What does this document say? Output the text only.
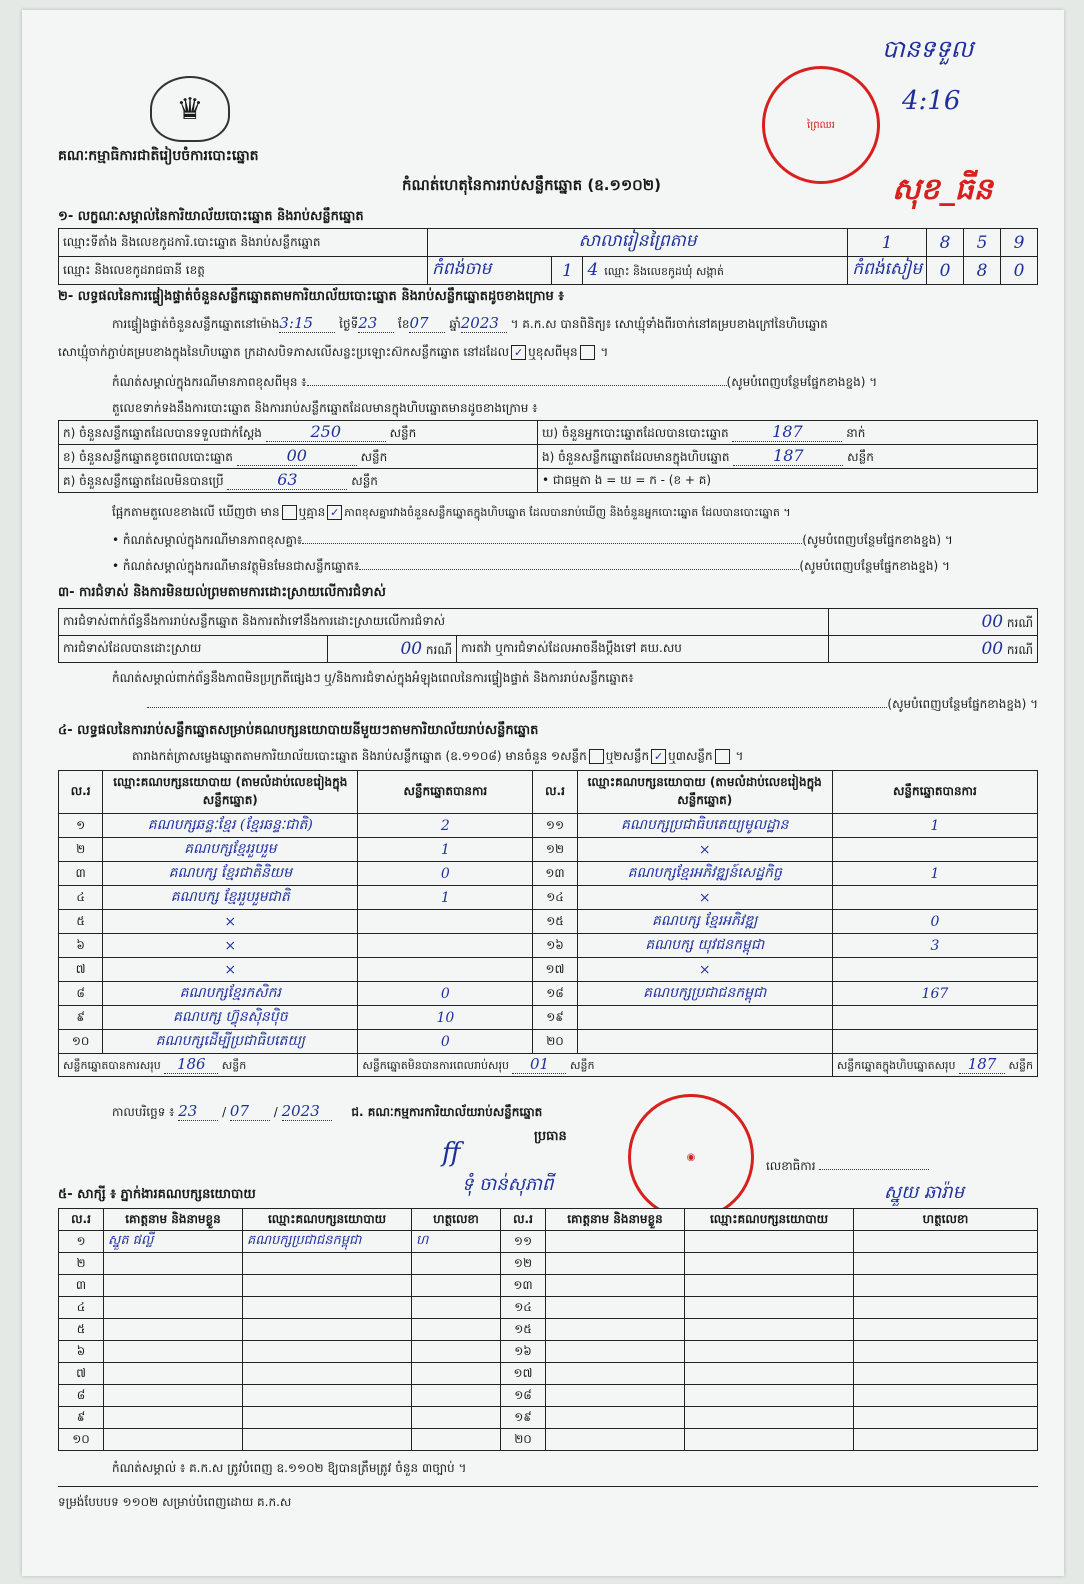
♛
គណៈកម្មាធិការជាតិរៀបចំការបោះឆ្នោត
កំណត់ហេតុនៃការរាប់សន្លឹកឆ្នោត (ឧ.១១០២)
ព្រៃឈរ
បានទទួល
4:16
សុខ_ធីន
១- លក្ខណៈសម្គាល់នៃការិយាល័យបោះឆ្នោត និងរាប់សន្លឹកឆ្នោត
ឈ្មោះទីតាំង និងលេខកូដការិ.បោះឆ្នោត និងរាប់សន្លឹកឆ្នោត	សាលារៀនព្រៃតាម			1	8	5	9
ឈ្មោះ និងលេខកូដរាជធានី ខេត្ត	កំពង់ចាម	1	4 ឈ្មោះ និងលេខកូដឃុំ សង្កាត់	កំពង់សៀម	0	8	0
២- លទ្ធផលនៃការផ្ទៀងផ្ទាត់ចំនួនសន្លឹកឆ្នោតតាមការិយាល័យបោះឆ្នោត និងរាប់សន្លឹកឆ្នោតដូចខាងក្រោម ៖
ការផ្ទៀងផ្ទាត់ចំនួនសន្លឹកឆ្នោតនៅម៉ោង3:15 ថ្ងៃទី23 ខែ07 ឆ្នាំ2023 ។ គ.ក.ស បានពិនិត្យ៖ សោឃ្មុំទាំងពីរចាក់នៅគម្របខាងក្រៅនៃហិបឆ្នោត
សោឃ្មុំចាក់ភ្ជាប់គម្របខាងក្នុងនៃហិបឆ្នោត ក្រដាសបិទភាសលើសន្លះប្រឡោះស៊កសន្លឹកឆ្នោត នៅដដែល ✓ ឬខុសពីមុន ។
កំណត់សម្គាល់ក្នុងករណីមានភាពខុសពីមុន ៖	(សូមបំពេញបន្ថែមផ្នែកខាងខ្នង) ។
តួលេខទាក់ទងនឹងការបោះឆ្នោត និងការរាប់សន្លឹកឆ្នោតដែលមានក្នុងហិបឆ្នោតមានដូចខាងក្រោម ៖
ក) ចំនួនសន្លឹកឆ្នោតដែលបានទទួលជាក់ស្តែង 250 សន្លឹក	ឃ) ចំនួនអ្នកបោះឆ្នោតដែលបានបោះឆ្នោត 187 នាក់
ខ) ចំនួនសន្លឹកឆ្នោតខូចពេលបោះឆ្នោត 00 សន្លឹក	ង) ចំនួនសន្លឹកឆ្នោតដែលមានក្នុងហិបឆ្នោត 187 សន្លឹក
គ) ចំនួនសន្លឹកឆ្នោតដែលមិនបានប្រើ 63 សន្លឹក	• ជាធម្មតា ង = ឃ = ក - (ខ + គ)
ផ្អែកតាមតួលេខខាងលើ ឃើញថា មាន ឬគ្មាន ✓ ភាពខុសគ្នារវាងចំនួនសន្លឹកឆ្នោតក្នុងហិបឆ្នោត ដែលបានរាប់ឃើញ និងចំនួនអ្នកបោះឆ្នោត ដែលបានបោះឆ្នោត ។
• កំណត់សម្គាល់ក្នុងករណីមានភាពខុសគ្នា៖	(សូមបំពេញបន្ថែមផ្នែកខាងខ្នង) ។
• កំណត់សម្គាល់ក្នុងករណីមានវត្ថុមិនមែនជាសន្លឹកឆ្នោត៖	(សូមបំពេញបន្ថែមផ្នែកខាងខ្នង) ។
៣- ការជំទាស់ និងការមិនយល់ព្រមតាមការដោះស្រាយលើការជំទាស់
ការជំទាស់ពាក់ព័ន្ធនឹងការរាប់សន្លឹកឆ្នោត និងការតវ៉ាទៅនឹងការដោះស្រាយលើការជំទាស់			00 ករណី
ការជំទាស់ដែលបានដោះស្រាយ	00 ករណី	ការតវ៉ា ឬការជំទាស់ដែលអាចនឹងប្តឹងទៅ គឃ.សប	00 ករណី
កំណត់សម្គាល់ពាក់ព័ន្ធនឹងភាពមិនប្រក្រតីផ្សេងៗ ឬ/និងការជំទាស់ក្នុងអំឡុងពេលនៃការផ្ទៀងផ្ទាត់ និងការរាប់សន្លឹកឆ្នោត៖
(សូមបំពេញបន្ថែមផ្នែកខាងខ្នង) ។
៤- លទ្ធផលនៃការរាប់សន្លឹកឆ្នោតសម្រាប់គណបក្សនយោបាយនីមួយៗតាមការិយាល័យរាប់សន្លឹកឆ្នោត
តារាងកត់ត្រាសម្លេងឆ្នោតតាមការិយាល័យបោះឆ្នោត និងរាប់សន្លឹកឆ្នោត (ឧ.១១០៨) មានចំនួន ១សន្លឹក ឬ២សន្លឹក ✓ ឬ៣សន្លឹក ។
ល.រ	ឈ្មោះគណបក្សនយោបាយ (តាមលំដាប់លេខរៀងក្នុងសន្លឹកឆ្នោត)	សន្លឹកឆ្នោតបានការ	ល.រ	ឈ្មោះគណបក្សនយោបាយ (តាមលំដាប់លេខរៀងក្នុងសន្លឹកឆ្នោត)	សន្លឹកឆ្នោតបានការ
១	គណបក្សឆន្ទៈខ្មែរ (ខ្មែរឆន្ទៈជាតិ)	2	១១	គណបក្សប្រជាធិបតេយ្យមូលដ្ឋាន	1
២	គណបក្សខ្មែររួបរួម	1	១២	×	
៣	គណបក្ស ខ្មែរជាតិនិយម	0	១៣	គណបក្សខ្មែរអភិវឌ្ឍន៍សេដ្ឋកិច្ច	1
៤	គណបក្ស ខ្មែររួបរួមជាតិ	1	១៤	×	
៥	×		១៥	គណបក្ស ខ្មែរអភិវឌ្ឍ	0
៦	×		១៦	គណបក្ស យុវជនកម្ពុជា	3
៧	×		១៧	×	
៨	គណបក្សខ្មែរកសិករ	0	១៨	គណបក្សប្រជាជនកម្ពុជា	167
៩	គណបក្ស ហ៊្វុនស៊ិនប៉ិច	10	១៩		
១០	គណបក្សដើម្បីប្រជាធិបតេយ្យ	0	២០		
សន្លឹកឆ្នោតបានការសរុប 186 សន្លឹក		សន្លឹកឆ្នោតមិនបានការពេលរាប់សរុប 01 សន្លឹក			សន្លឹកឆ្នោតក្នុងហិបឆ្នោតសរុប 187 សន្លឹក
កាលបរិច្ឆេទ ៖ 23 / 07 / 2023	ជ. គណៈកម្មការការិយាល័យរាប់សន្លឹកឆ្នោត
ប្រធាន
ﬀ
ទុំ ចាន់សុភាពី
◉
លេខាធិការ
ស្នួយ ឆារ៉ាម
៥- សាក្សី ៖ ភ្នាក់ងារគណបក្សនយោបាយ
ល.រ	គោត្តនាម និងនាមខ្លួន	ឈ្មោះគណបក្សនយោបាយ	ហត្ថលេខា	ល.រ	គោត្តនាម និងនាមខ្លួន	ឈ្មោះគណបក្សនយោបាយ	ហត្ថលេខា
១	ស្នួត ផល្លី	គណបក្សប្រជាជនកម្ពុជា	ហ	១១			
២				១២			
៣				១៣			
៤				១៤			
៥				១៥			
៦				១៦			
៧				១៧			
៨				១៨			
៩				១៩			
១០				២០			
កំណត់សម្គាល់ ៖ គ.ក.ស ត្រូវបំពេញ ឧ.១១០២ ឱ្យបានត្រឹមត្រូវ ចំនួន ៣ច្បាប់ ។
ទម្រង់បែបបទ ១១០២ សម្រាប់បំពេញដោយ គ.ក.ស
